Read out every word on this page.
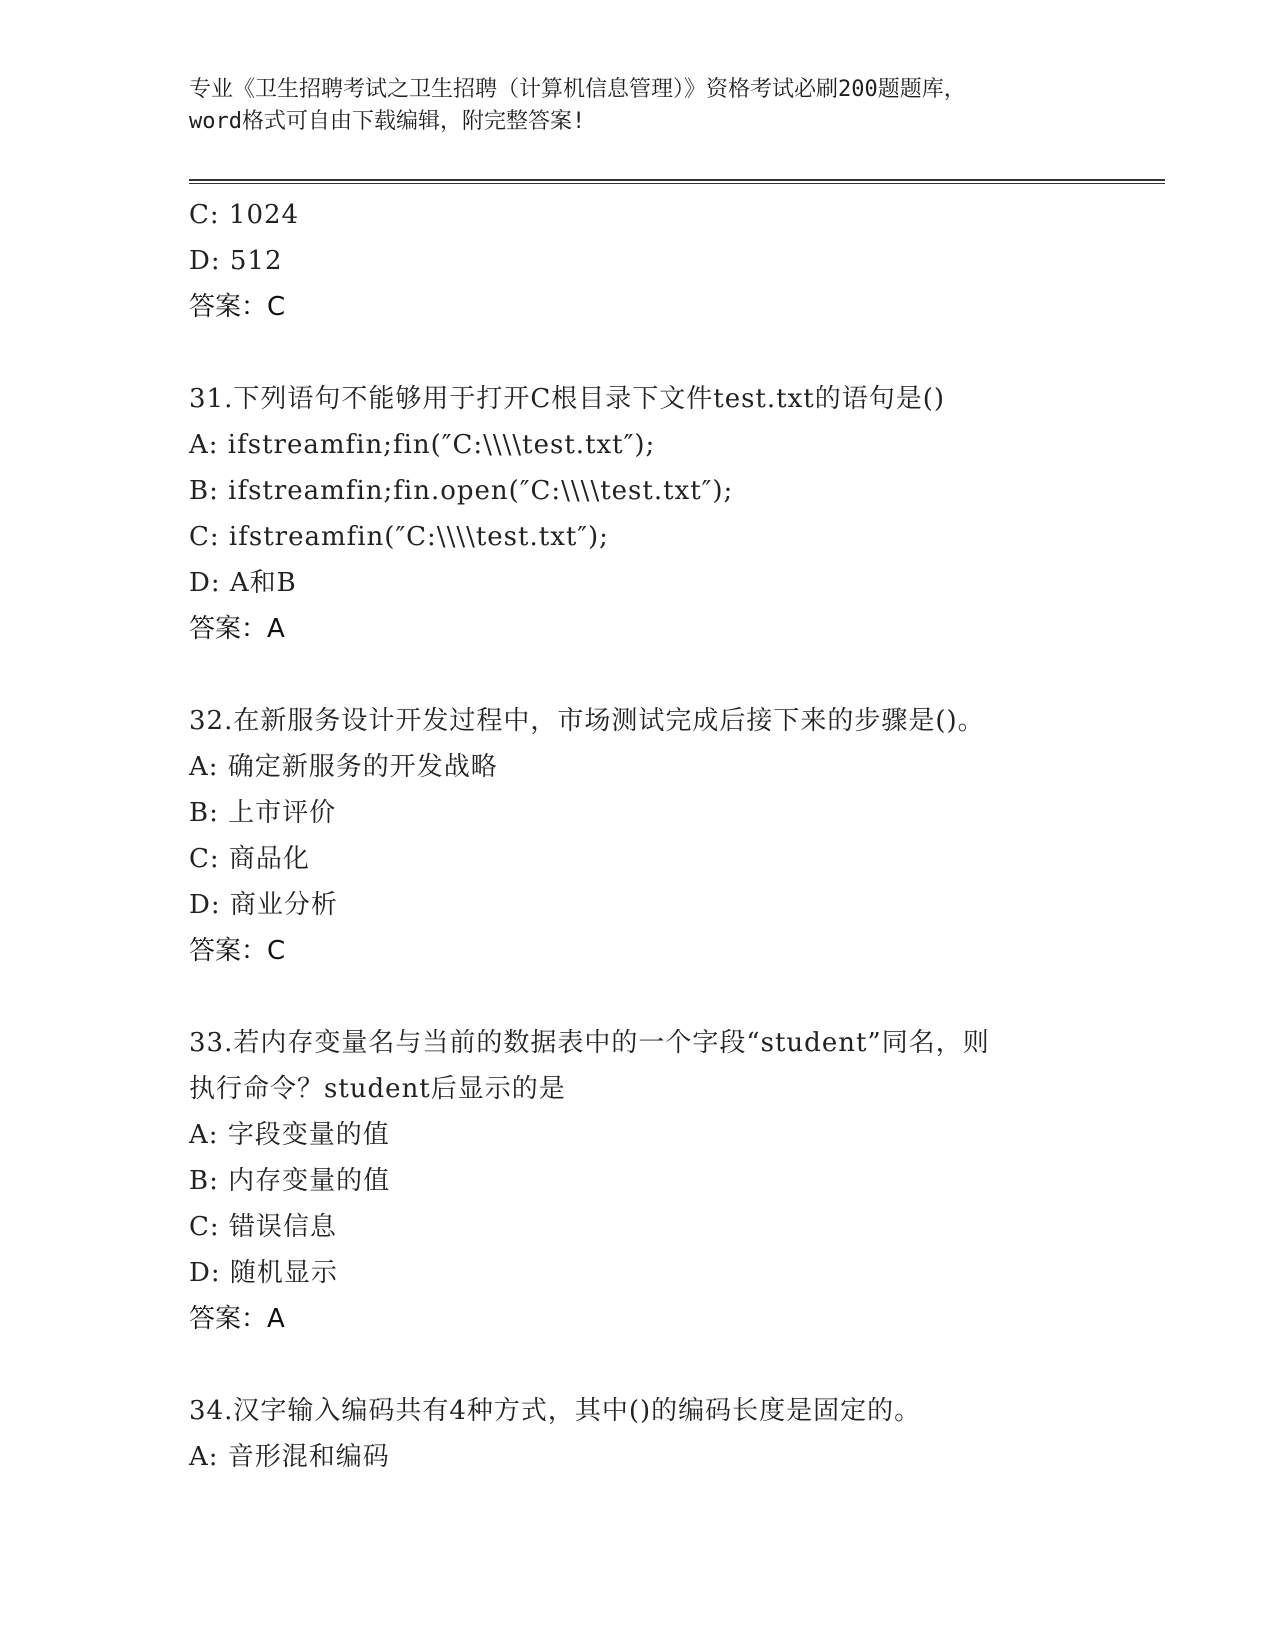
专业《卫生招聘考试之卫生招聘（计算机信息管理）》资格考试必刷200题题库，
word格式可自由下载编辑，附完整答案!
C: 1024
D: 512
答案：C
31.下列语句不能够用于打开C根目录下文件test.txt的语句是()
A: ifstreamfin;fin(″C:\\\\test.txt″);
B: ifstreamfin;fin.open(″C:\\\\test.txt″);
C: ifstreamfin(″C:\\\\test.txt″);
D: A和B
答案：A
32.在新服务设计开发过程中，市场测试完成后接下来的步骤是()。
A: 确定新服务的开发战略
B: 上市评价
C: 商品化
D: 商业分析
答案：C
33.若内存变量名与当前的数据表中的一个字段“student”同名，则
执行命令？student后显示的是
A: 字段变量的值
B: 内存变量的值
C: 错误信息
D: 随机显示
答案：A
34.汉字输入编码共有4种方式，其中()的编码长度是固定的。
A: 音形混和编码
